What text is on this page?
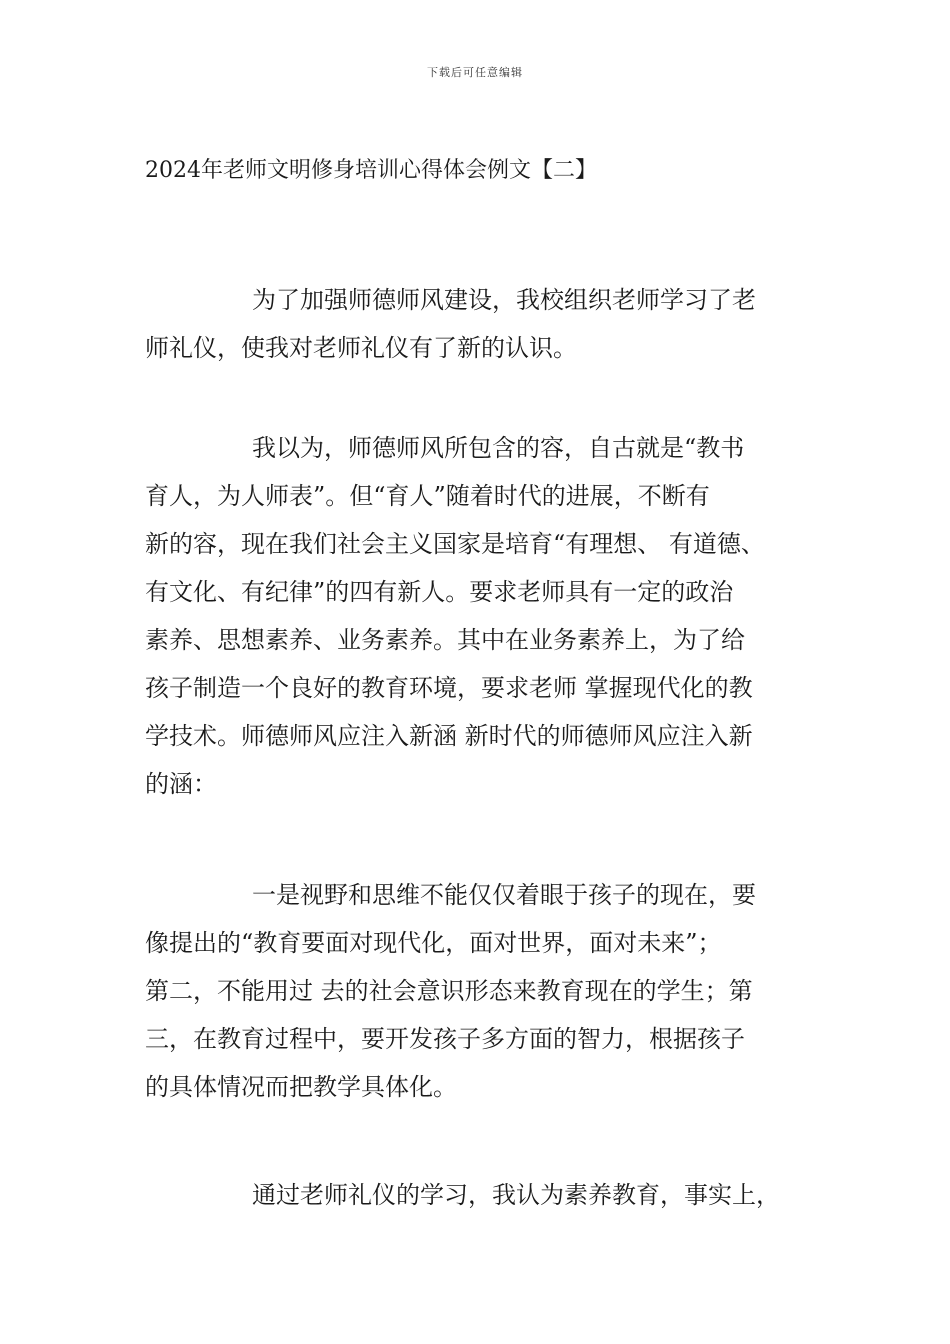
下载后可任意编辑
2024年老师文明修身培训心得体会例文【二】
为了加强师德师风建设，我校组织老师学习了老
师礼仪，使我对老师礼仪有了新的认识。
我以为，师德师风所包含的容，自古就是“教书
育人，为人师表”。但“育人”随着时代的进展，不断有
新的容，现在我们社会主义国家是培育“有理想、 有道德、
有文化、有纪律”的四有新人。要求老师具有一定的政治
素养、思想素养、业务素养。其中在业务素养上，为了给
孩子制造一个良好的教育环境，要求老师 掌握现代化的教
学技术。师德师风应注入新涵 新时代的师德师风应注入新
的涵：
一是视野和思维不能仅仅着眼于孩子的现在，要
像提出的“教育要面对现代化，面对世界，面对未来”；
第二，不能用过 去的社会意识形态来教育现在的学生；第
三，在教育过程中，要开发孩子多方面的智力，根据孩子
的具体情况而把教学具体化。
通过老师礼仪的学习，我认为素养教育，事实上，
